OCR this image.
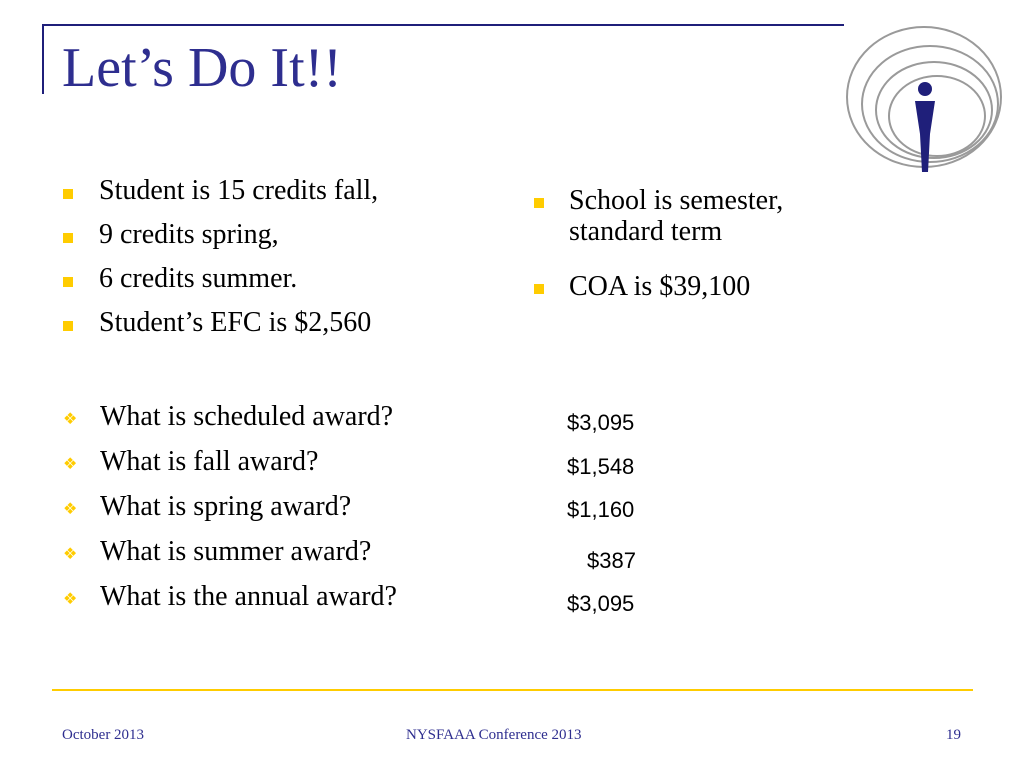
Let’s Do It!!
Student is 15 credits fall,
9 credits spring,
6 credits summer.
Student’s EFC is $2,560
School is semester, standard term
COA is $39,100
❖ What is scheduled award?
❖ What is fall award?
❖ What is spring award?
❖ What is summer award?
❖ What is the annual award?
$3,095
$1,548
$1,160
$387
$3,095
October 2013	NYSFAAA Conference 2013	19
